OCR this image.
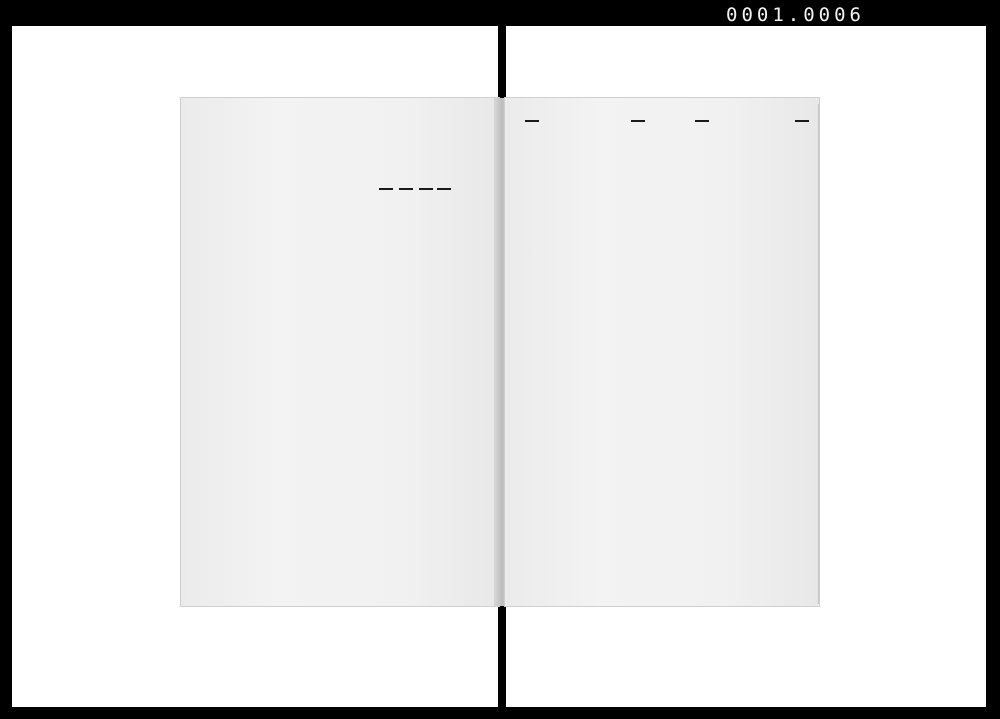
0001.0006
